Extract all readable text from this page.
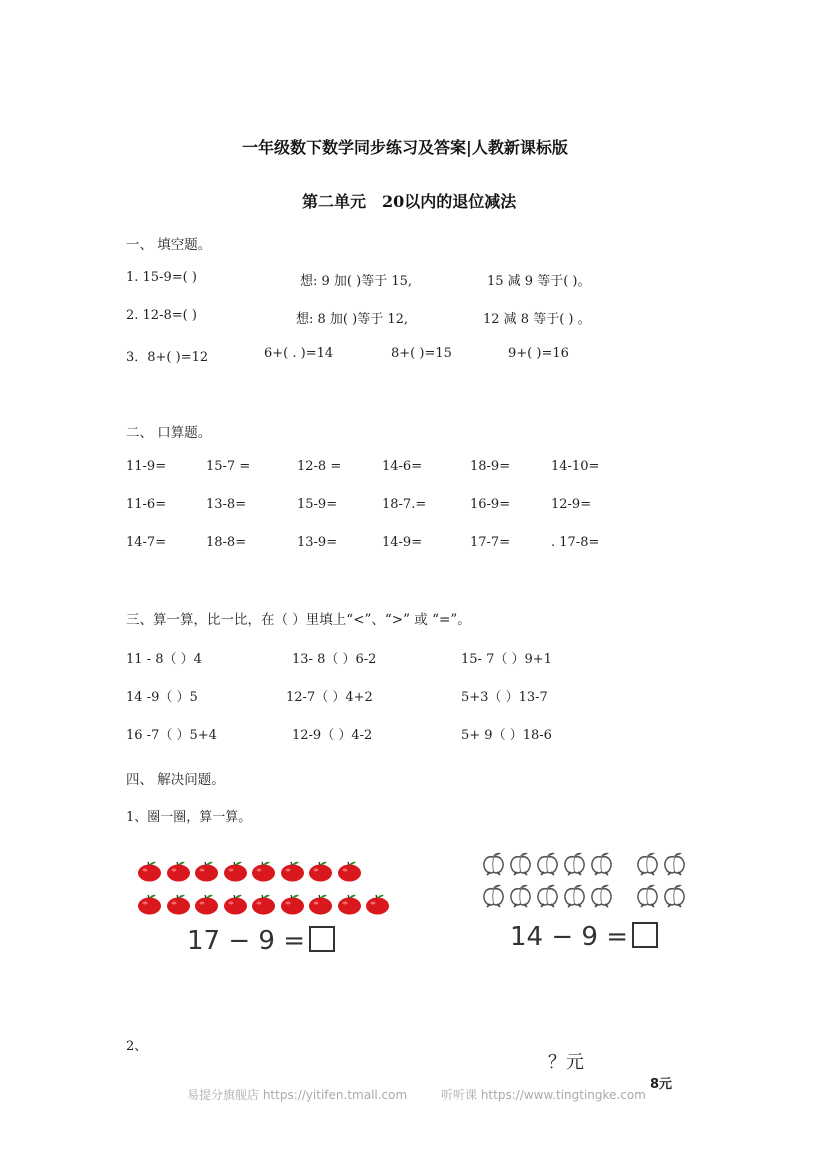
一年级数下数学同步练习及答案|人教新课标版
第二单元　20以内的退位减法
一、 填空题。
1. 15-9=( )	想: 9 加( )等于 15,	15 减 9 等于( )。
2. 12-8=( )	想: 8 加( )等于 12,	12 减 8 等于( ) 。
3．8+( )=12	6+( . )=14	8+( )=15	9+( )=16
二、 口算题。
11-9=	15-7 =	12-8 =	14-6=	18-9=	14-10=
11-6=	13-8=	15-9=	18-7.=	16-9=	12-9=
14-7=	18-8=	13-9=	14-9=	17-7=	. 17-8=
三、算一算，比一比，在（ ）里填上“<”、“>” 或 “=”。
11 - 8（ ）4	13- 8（ ）6-2	15- 7（ ）9+1
14 -9（ ）5	12-7（ ）4+2	5+3（ ）13-7
16 -7（ ）5+4	12-9（ ）4-2	5+ 9（ ）18-6
四、 解决问题。
1、圈一圈，算一算。
17 − 9 =	14 − 9 =
2、
？元
8元
易提分旗舰店 https://yitifen.tmall.com	听听课 https://www.tingtingke.com
